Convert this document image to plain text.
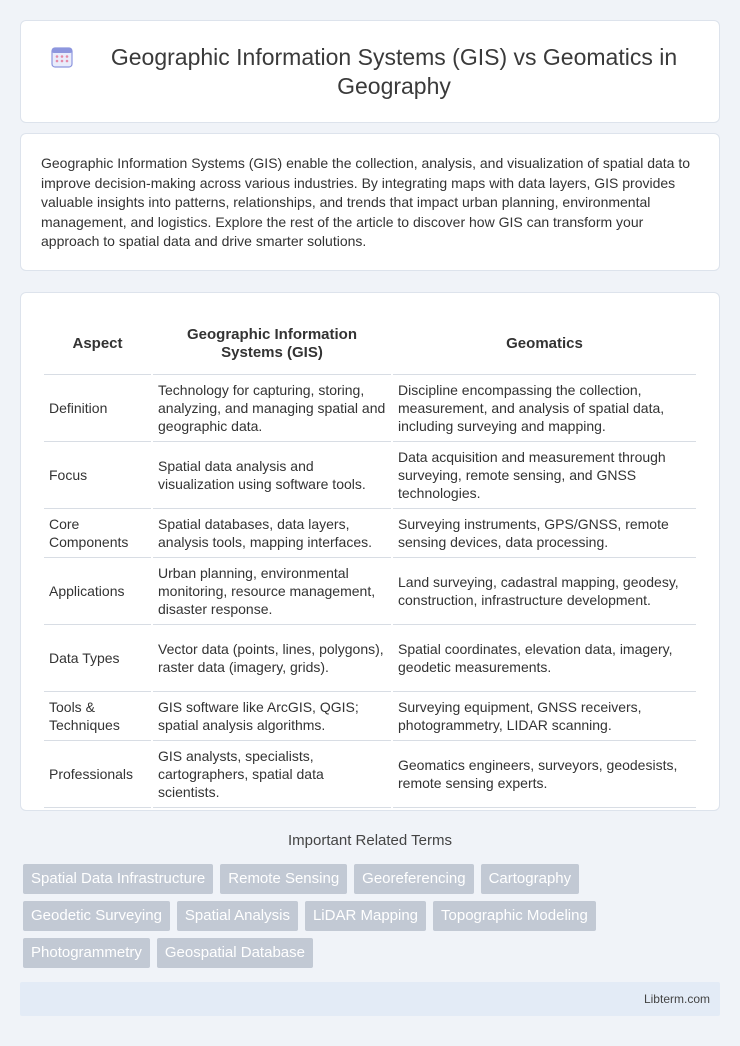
Geographic Information Systems (GIS) vs Geomatics in Geography

Geographic Information Systems (GIS) enable the collection, analysis, and visualization of spatial data to improve decision-making across various industries. By integrating maps with data layers, GIS provides valuable insights into patterns, relationships, and trends that impact urban planning, environmental management, and logistics. Explore the rest of the article to discover how GIS can transform your approach to spatial data and drive smarter solutions.

Aspect	Geographic Information Systems (GIS)	Geomatics
Definition	Technology for capturing, storing, analyzing, and managing spatial and geographic data.	Discipline encompassing the collection, measurement, and analysis of spatial data, including surveying and mapping.
Focus	Spatial data analysis and visualization using software tools.	Data acquisition and measurement through surveying, remote sensing, and GNSS technologies.
Core Components	Spatial databases, data layers, analysis tools, mapping interfaces.	Surveying instruments, GPS/GNSS, remote sensing devices, data processing.
Applications	Urban planning, environmental monitoring, resource management, disaster response.	Land surveying, cadastral mapping, geodesy, construction, infrastructure development.
Data Types	Vector data (points, lines, polygons), raster data (imagery, grids).	Spatial coordinates, elevation data, imagery, geodetic measurements.
Tools & Techniques	GIS software like ArcGIS, QGIS; spatial analysis algorithms.	Surveying equipment, GNSS receivers, photogrammetry, LIDAR scanning.
Professionals	GIS analysts, specialists, cartographers, spatial data scientists.	Geomatics engineers, surveyors, geodesists, remote sensing experts.
Important Related Terms
Spatial Data Infrastructure	Remote Sensing	Georeferencing	Cartography
Geodetic Surveying	Spatial Analysis	LiDAR Mapping	Topographic Modeling
Photogrammetry	Geospatial Database
Libterm.com
